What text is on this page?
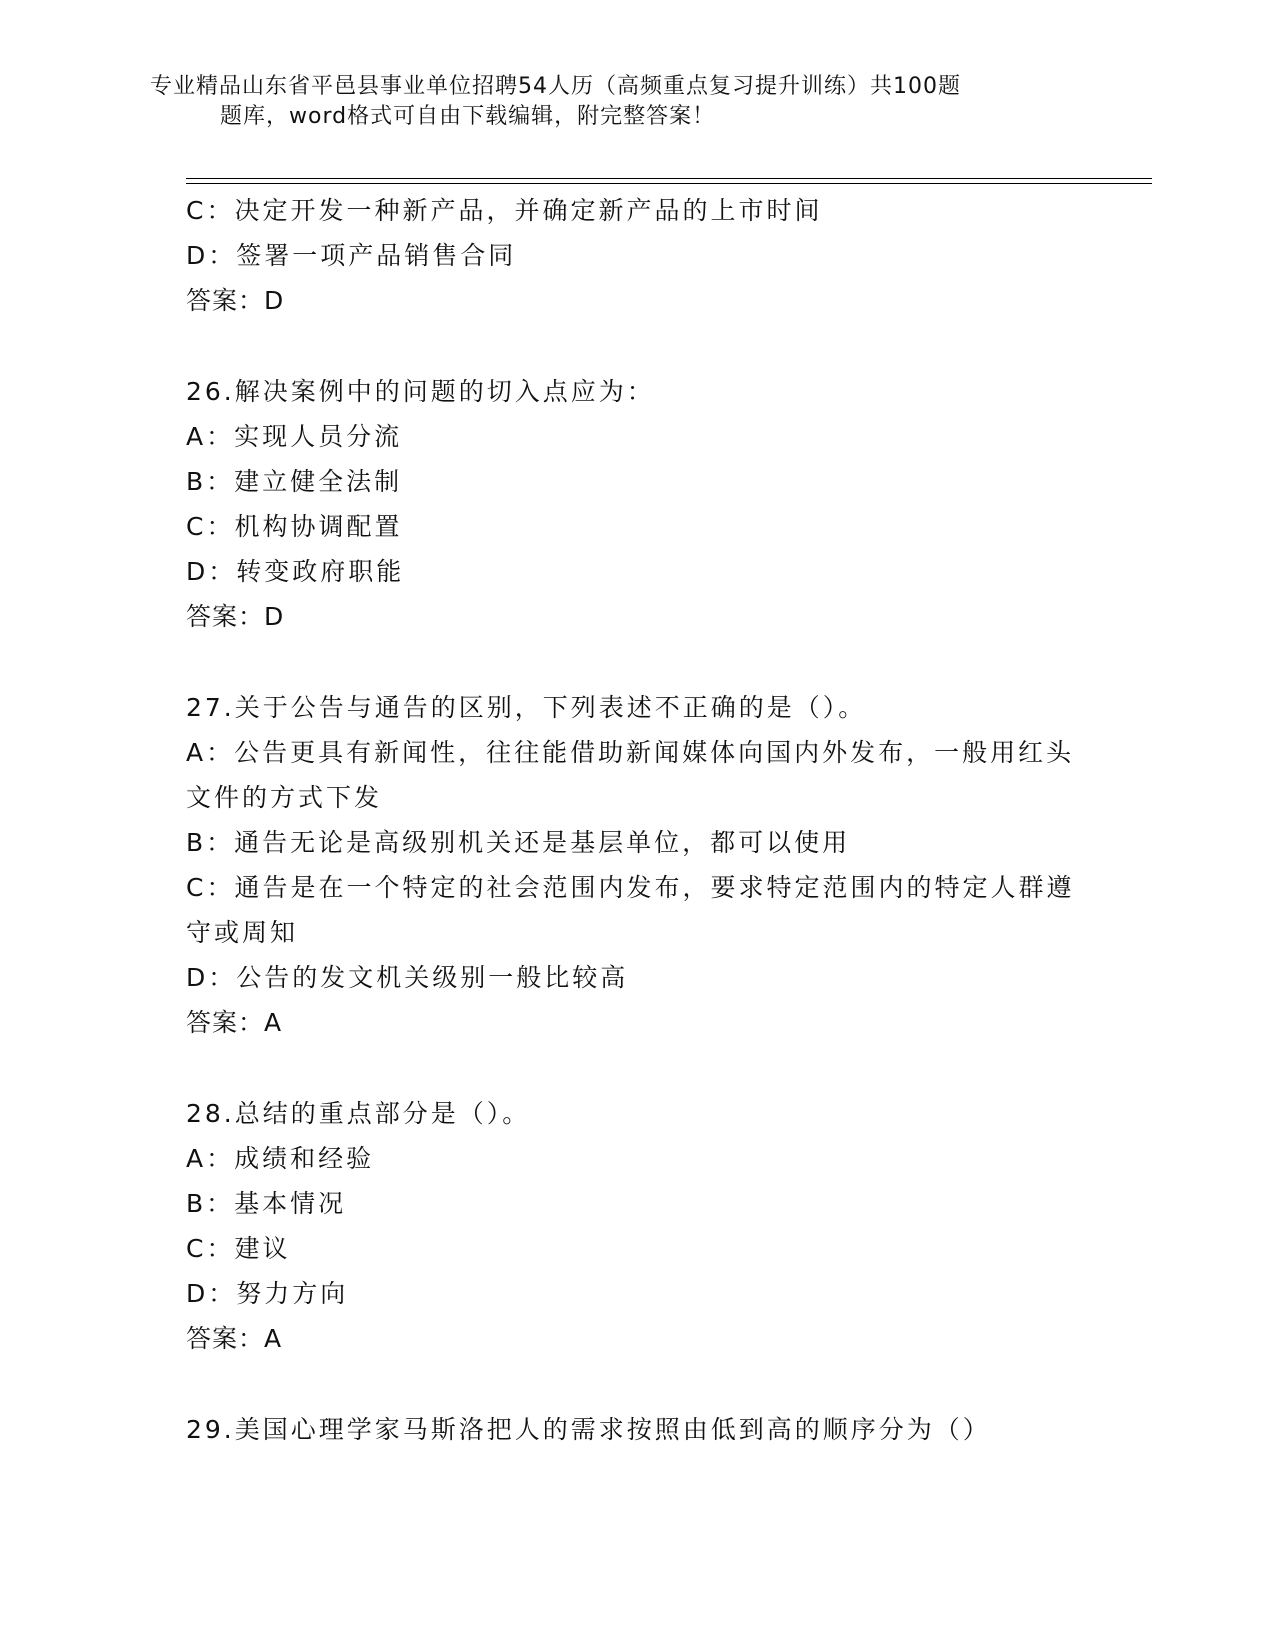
专业精品山东省平邑县事业单位招聘54人历（高频重点复习提升训练）共100题
题库，word格式可自由下载编辑，附完整答案！
C：决定开发一种新产品，并确定新产品的上市时间
D：签署一项产品销售合同
答案：D
26.解决案例中的问题的切入点应为：
A：实现人员分流
B：建立健全法制
C：机构协调配置
D：转变政府职能
答案：D
27.关于公告与通告的区别，下列表述不正确的是（）。
A：公告更具有新闻性，往往能借助新闻媒体向国内外发布，一般用红头文件的方式下发
B：通告无论是高级别机关还是基层单位，都可以使用
C：通告是在一个特定的社会范围内发布，要求特定范围内的特定人群遵守或周知
D：公告的发文机关级别一般比较高
答案：A
28.总结的重点部分是（）。
A：成绩和经验
B：基本情况
C：建议
D：努力方向
答案：A
29.美国心理学家马斯洛把人的需求按照由低到高的顺序分为（）
